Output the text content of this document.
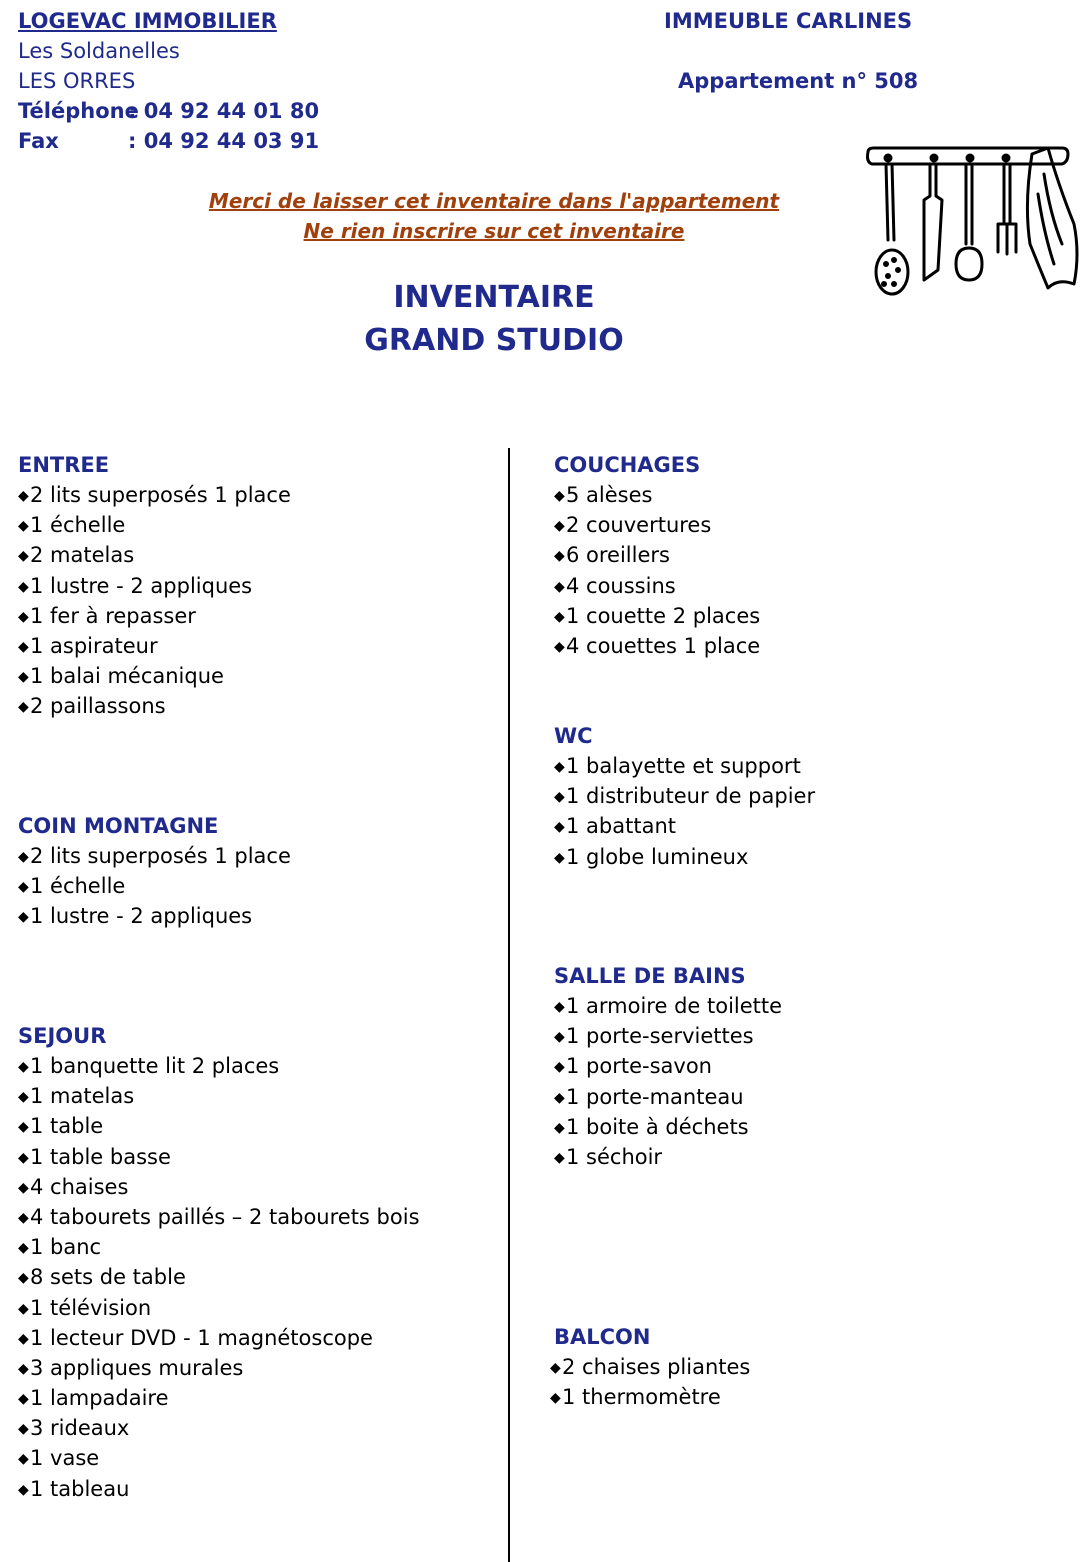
LOGEVAC IMMOBILIER
Les Soldanelles
LES ORRES
Téléphone: 04 92 44 01 80
Fax	: 04 92 44 03 91
IMMEUBLE CARLINES
Appartement n° 508
Merci de laisser cet inventaire dans l'appartement
Ne rien inscrire sur cet inventaire
INVENTAIRE
GRAND STUDIO
ENTREE
◆2 lits superposés 1 place
◆1 échelle
◆2 matelas
◆1 lustre - 2 appliques
◆1 fer à repasser
◆1 aspirateur
◆1 balai mécanique
◆2 paillassons
COIN MONTAGNE
◆2 lits superposés 1 place
◆1 échelle
◆1 lustre - 2 appliques
SEJOUR
◆1 banquette lit 2 places
◆1 matelas
◆1 table
◆1 table basse
◆4 chaises
◆4 tabourets paillés – 2 tabourets bois
◆1 banc
◆8 sets de table
◆1 télévision
◆1 lecteur DVD - 1 magnétoscope
◆3 appliques murales
◆1 lampadaire
◆3 rideaux
◆1 vase
◆1 tableau
COUCHAGES
◆5 alèses
◆2 couvertures
◆6 oreillers
◆4 coussins
◆1 couette 2 places
◆4 couettes 1 place
WC
◆1 balayette et support
◆1 distributeur de papier
◆1 abattant
◆1 globe lumineux
SALLE DE BAINS
◆1 armoire de toilette
◆1 porte-serviettes
◆1 porte-savon
◆1 porte-manteau
◆1 boite à déchets
◆1 séchoir
BALCON
◆2 chaises pliantes
◆1 thermomètre
